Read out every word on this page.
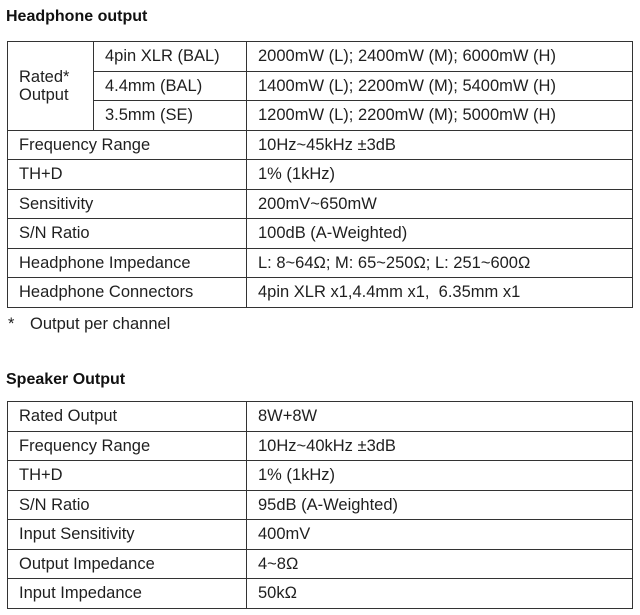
Headphone output
Rated*
Output	4pin XLR (BAL)	2000mW (L); 2400mW (M); 6000mW (H)
	4.4mm (BAL)	1400mW (L); 2200mW (M); 5400mW (H)
	3.5mm (SE)	1200mW (L); 2200mW (M); 5000mW (H)
Frequency Range		10Hz~45kHz ±3dB
TH+D		1% (1kHz)
Sensitivity		200mV~650mW
S/N Ratio		100dB (A-Weighted)
Headphone Impedance		L: 8~64Ω; M: 65~250Ω; L: 251~600Ω
Headphone Connectors		4pin XLR x1,4.4mm x1,  6.35mm x1
* Output per channel
Speaker Output
Rated Output	8W+8W
Frequency Range	10Hz~40kHz ±3dB
TH+D	1% (1kHz)
S/N Ratio	95dB (A-Weighted)
Input Sensitivity	400mV
Output Impedance	4~8Ω
Input Impedance	50kΩ
